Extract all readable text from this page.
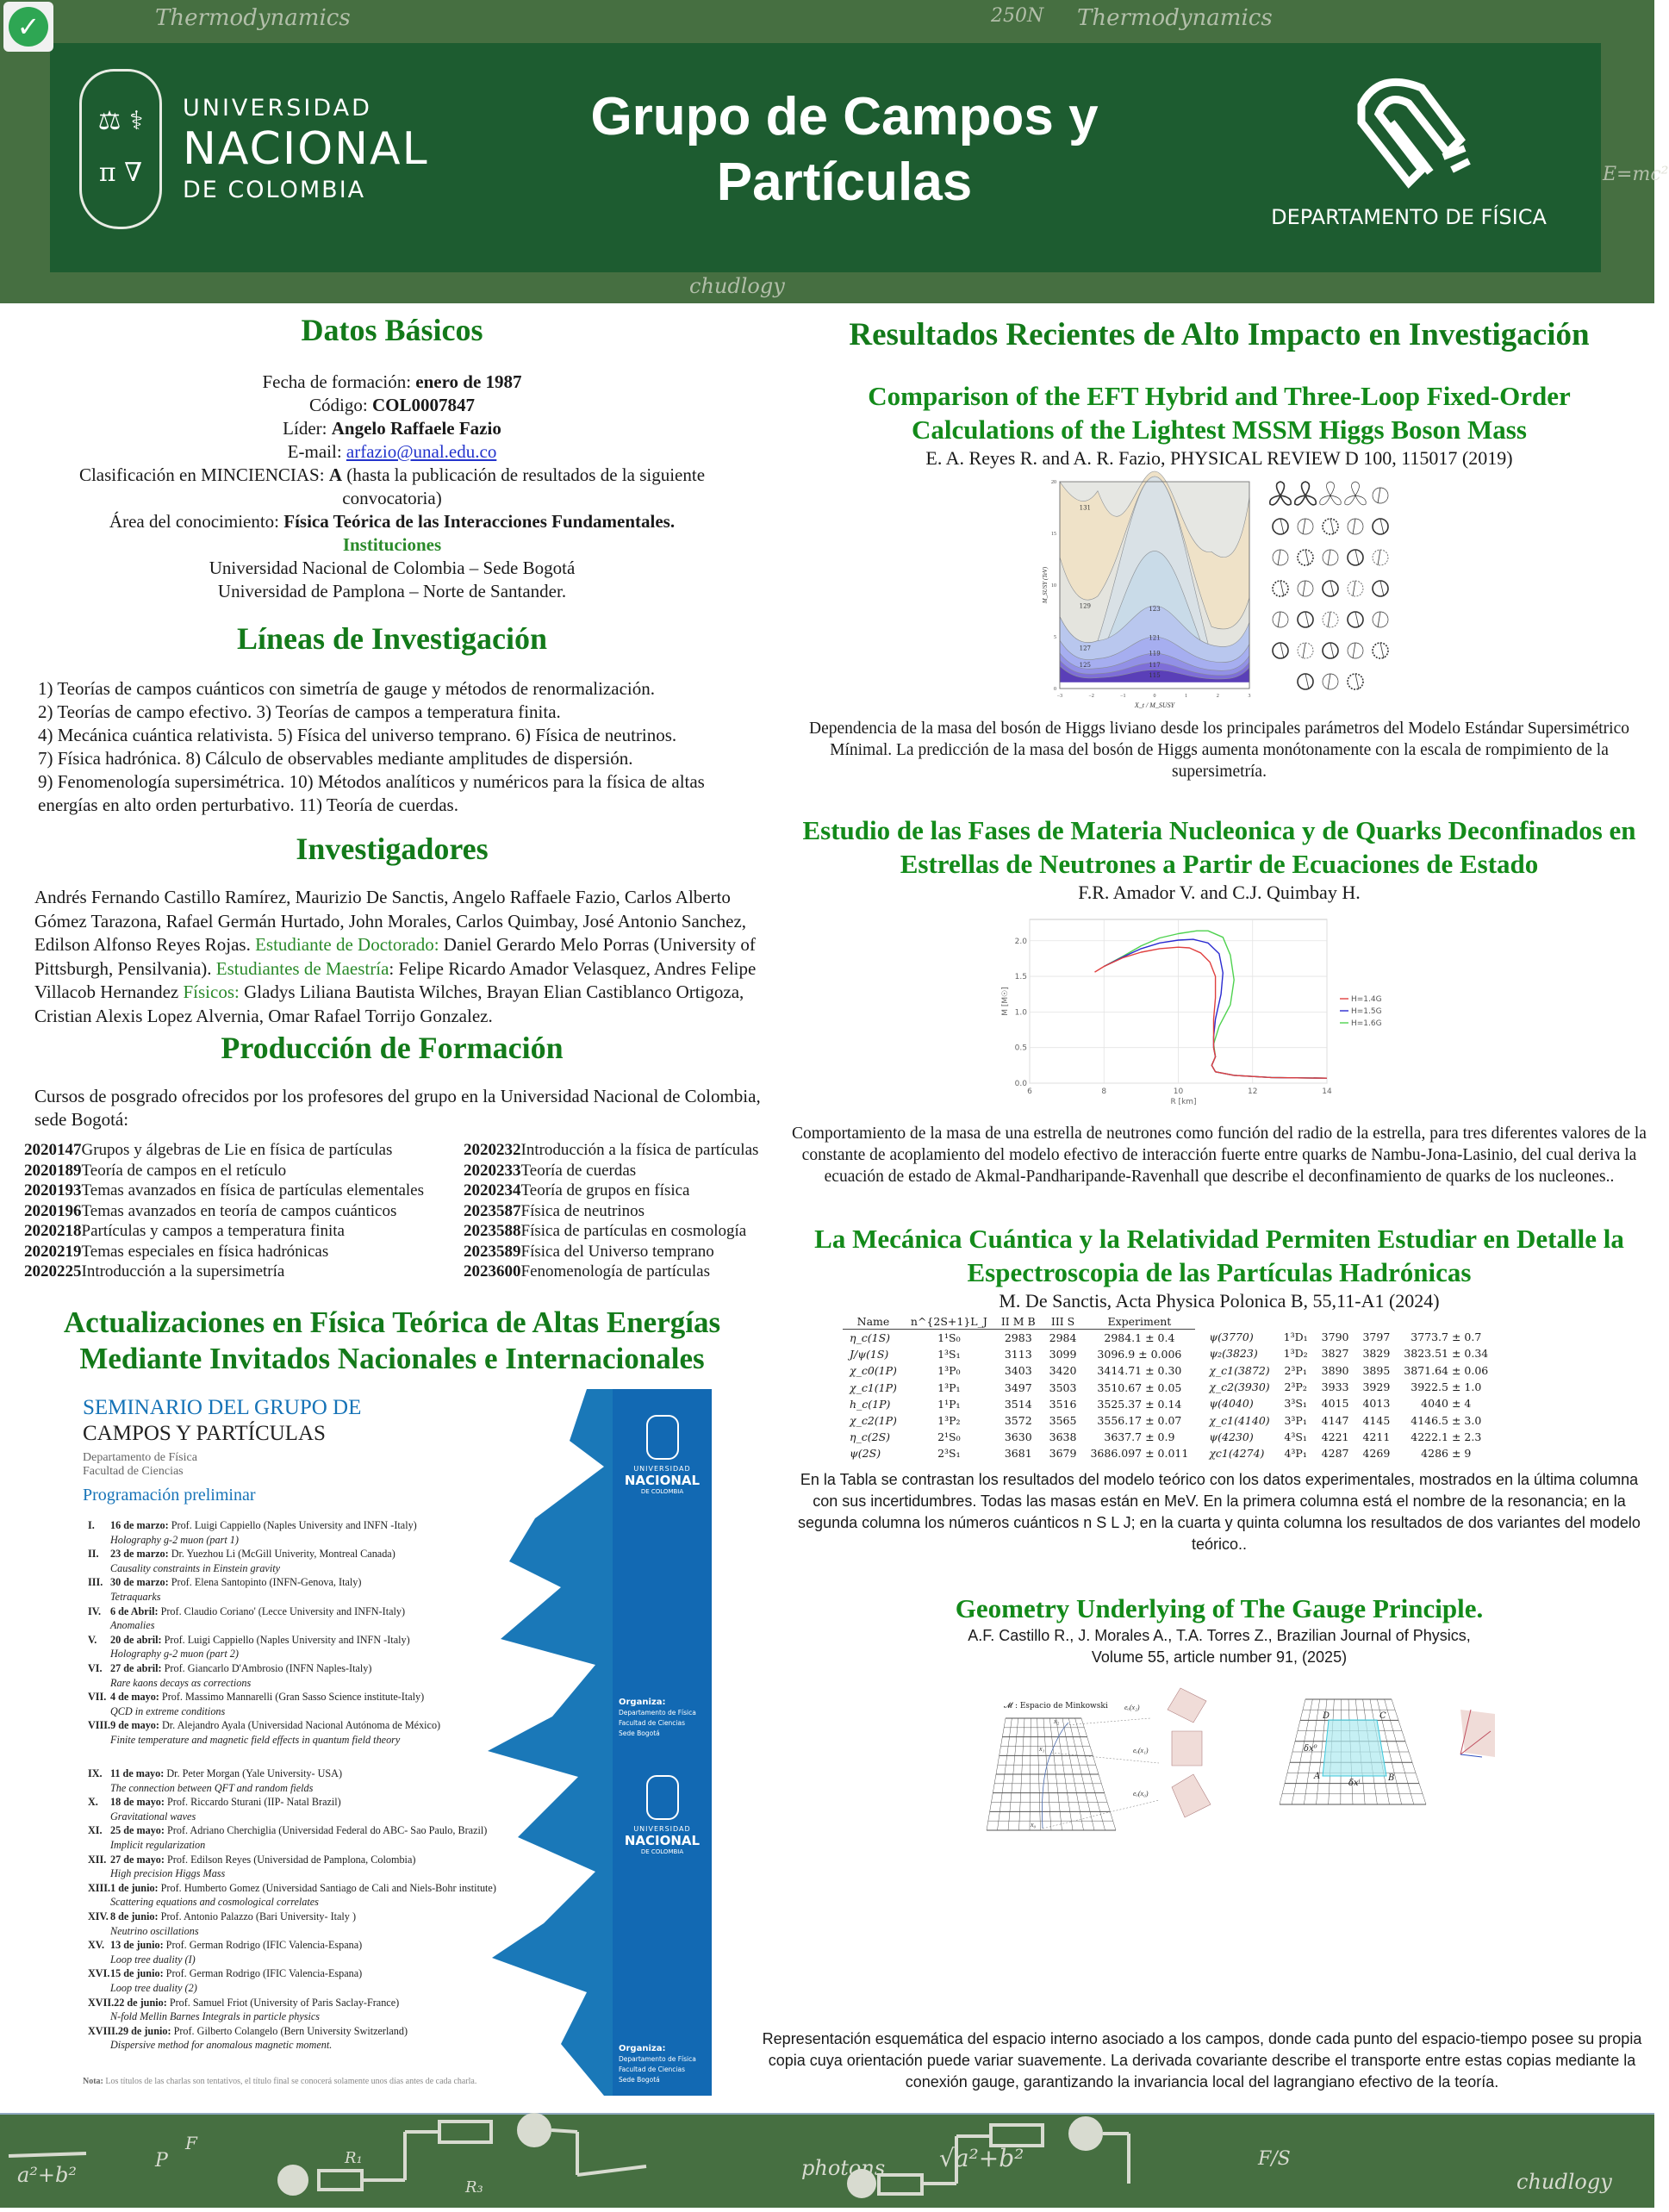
Thermodynamics	250N Thermodynamics
chudlogy
E=mc²
✓
⚖ ⚕
π ∇
UNIVERSIDAD
NACIONAL
DE COLOMBIA
Grupo de Campos y
Partículas
DEPARTAMENTO DE FÍSICA
Datos Básicos
Fecha de formación: enero de 1987
Código: COL0007847
Líder: Angelo Raffaele Fazio
E-mail: arfazio@unal.edu.co
Clasificación en MINCIENCIAS: A (hasta la publicación de resultados de la siguiente convocatoria)
Área del conocimiento: Física Teórica de las Interacciones Fundamentales.
Instituciones
Universidad Nacional de Colombia – Sede Bogotá
Universidad de Pamplona – Norte de Santander.
Líneas de Investigación
1) Teorías de campos cuánticos con simetría de gauge y métodos de renormalización.
2) Teorías de campo efectivo. 3) Teorías de campos a temperatura finita.
4) Mecánica cuántica relativista. 5) Física del universo temprano. 6) Física de neutrinos.
7) Física hadrónica. 8) Cálculo de observables mediante amplitudes de dispersión.
9) Fenomenología supersimétrica. 10) Métodos analíticos y numéricos para la física de altas energías en alto orden perturbativo. 11) Teoría de cuerdas.
Investigadores
Andrés Fernando Castillo Ramírez, Maurizio De Sanctis, Angelo Raffaele Fazio, Carlos Alberto Gómez Tarazona, Rafael Germán Hurtado, John Morales, Carlos Quimbay, José Antonio Sanchez, Edilson Alfonso Reyes Rojas. Estudiante de Doctorado: Daniel Gerardo Melo Porras (University of Pittsburgh, Pensilvania). Estudiantes de Maestría: Felipe Ricardo Amador Velasquez, Andres Felipe Villacob Hernandez Físicos: Gladys Liliana Bautista Wilches, Brayan Elian Castiblanco Ortigoza, Cristian Alexis Lopez Alvernia, Omar Rafael Torrijo Gonzalez.
Producción de Formación
Cursos de posgrado ofrecidos por los profesores del grupo en la Universidad Nacional de Colombia, sede Bogotá:
2020147Grupos y álgebras de Lie en física de partículas	2020232Introducción a la física de partículas
2020189Teoría de campos en el retículo	2020233Teoría de cuerdas
2020193Temas avanzados en física de partículas elementales	2020234Teoría de grupos en física
2020196Temas avanzados en teoría de campos cuánticos	2023587Física de neutrinos
2020218Partículas y campos a temperatura finita	2023588Física de partículas en cosmología
2020219Temas especiales en física hadrónicas	2023589Física del Universo temprano
2020225Introducción a la supersimetría	2023600Fenomenología de partículas
Actualizaciones en Física Teórica de Altas Energías
Mediante Invitados Nacionales e Internacionales
UNIVERSIDAD
NACIONAL
DE COLOMBIA
Organiza:
Departamento de Física
Facultad de Ciencias
Sede Bogotá
UNIVERSIDAD
NACIONAL
DE COLOMBIA
Organiza:
Departamento de Física
Facultad de Ciencias
Sede Bogotá
SEMINARIO DEL GRUPO DE
CAMPOS Y PARTÍCULAS
Departamento de Física
Facultad de Ciencias
Programación preliminar
I. 16 de marzo: Prof. Luigi Cappiello (Naples University and INFN -Italy)
Holography g-2 muon (part 1)
II. 23 de marzo: Dr. Yuezhou Li (McGill Univerity, Montreal Canada)
Causality constraints in Einstein gravity
III. 30 de marzo: Prof. Elena Santopinto (INFN-Genova, Italy)
Tetraquarks
IV. 6 de Abril: Prof. Claudio Coriano' (Lecce University and INFN-Italy)
Anomalies
V. 20 de abril: Prof. Luigi Cappiello (Naples University and INFN -Italy)
Holography g-2 muon (part 2)
VI. 27 de abril: Prof. Giancarlo D'Ambrosio (INFN Naples-Italy)
Rare kaons decays αs corrections
VII. 4 de mayo: Prof. Massimo Mannarelli (Gran Sasso Science institute-Italy)
QCD in extreme conditions
VIII.9 de mayo: Dr. Alejandro Ayala (Universidad Nacional Autónoma de México)
Finite temperature and magnetic field effects in quantum field theory
IX. 11 de mayo: Dr. Peter Morgan (Yale University- USA)
The connection between QFT and random fields
X. 18 de mayo: Prof. Riccardo Sturani (IIP- Natal Brazil)
Gravitational waves
XI. 25 de mayo: Prof. Adriano Cherchiglia (Universidad Federal do ABC- Sao Paulo, Brazil)
Implicit regularization
XII. 27 de mayo: Prof. Edilson Reyes (Universidad de Pamplona, Colombia)
High precision Higgs Mass
XIII.1 de junio: Prof. Humberto Gomez (Universidad Santiago de Cali and Niels-Bohr institute)
Scattering equations and cosmological correlates
XIV. 8 de junio: Prof. Antonio Palazzo (Bari University- Italy )
Neutrino oscillations
XV. 13 de junio: Prof. German Rodrigo (IFIC Valencia-Espana)
Loop tree duality (I)
XVI.15 de junio: Prof. German Rodrigo (IFIC Valencia-Espana)
Loop tree duality (2)
XVII.22 de junio: Prof. Samuel Friot (University of Paris Saclay-France)
N-fold Mellin Barnes Integrals in particle physics
XVIII.29 de junio: Prof. Gilberto Colangelo (Bern University Switzerland)
Dispersive method for anomalous magnetic moment.
Nota: Los títulos de las charlas son tentativos, el título final se conocerá solamente unos días antes de cada charla.
Resultados Recientes de Alto Impacto en Investigación
Comparison of the EFT Hybrid and Three-Loop Fixed-Order Calculations of the Lightest MSSM Higgs Boson Mass
E. A. Reyes R. and A. R. Fazio, PHYSICAL REVIEW D 100, 115017 (2019)
131
129
127
125
123
121
119
117
115
−3	−2	−1	0	1	2	3
0
5
10
15
20
X_t / M_SUSY
M_SUSY (TeV)
Dependencia de la masa del bosón de Higgs liviano desde los principales parámetros del Modelo Estándar Supersimétrico Mínimal. La predicción de la masa del bosón de Higgs aumenta monótonamente con la escala de rompimiento de la supersimetría.
Estudio de las Fases de Materia Nucleonica y de Quarks Deconfinados en Estrellas de Neutrones a Partir de Ecuaciones de Estado
F.R. Amador V. and C.J. Quimbay H.
6	8	10	12	14
0.0
0.5
1.0
1.5
2.0
R [km]
M [M☉]	H=1.4G
H=1.5G
H=1.6G
Comportamiento de la masa de una estrella de neutrones como función del radio de la estrella, para tres diferentes valores de la constante de acoplamiento del modelo efectivo de interacción fuerte entre quarks de Nambu-Jona-Lasinio, del cual deriva la ecuación de estado de Akmal-Pandharipande-Ravenhall que describe el deconfinamiento de quarks de los nucleones..
La Mecánica Cuántica y la Relatividad Permiten Estudiar en Detalle la Espectroscopia de las Partículas Hadrónicas
M. De Sanctis, Acta Physica Polonica B, 55,11-A1 (2024)
Name	n^{2S+1}L_J	II M B	III S	Experiment
η_c(1S)	1¹S₀	2983	2984	2984.1 ± 0.4
J/ψ(1S)	1³S₁	3113	3099	3096.9 ± 0.006
χ_c0(1P)	1³P₀	3403	3420	3414.71 ± 0.30
χ_c1(1P)	1³P₁	3497	3503	3510.67 ± 0.05
h_c(1P)	1¹P₁	3514	3516	3525.37 ± 0.14
χ_c2(1P)	1³P₂	3572	3565	3556.17 ± 0.07
η_c(2S)	2¹S₀	3630	3638	3637.7 ± 0.9
ψ(2S)	2³S₁	3681	3679	3686.097 ± 0.011
ψ(3770)	1³D₁	3790	3797	3773.7 ± 0.7
ψ₂(3823)	1³D₂	3827	3829	3823.51 ± 0.34
χ_c1(3872)	2³P₁	3890	3895	3871.64 ± 0.06
χ_c2(3930)	2³P₂	3933	3929	3922.5 ± 1.0
ψ(4040)	3³S₁	4015	4013	4040 ± 4
χ_c1(4140)	3³P₁	4147	4145	4146.5 ± 3.0
ψ(4230)	4³S₁	4221	4211	4222.1 ± 2.3
χc1(4274)	4³P₁	4287	4269	4286 ± 9
En la Tabla se contrastan los resultados del modelo teórico con los datos experimentales, mostrados en la última columna con sus incertidumbres. Todas las masas están en MeV. En la primera columna está el nombre de la resonancia; en la segunda columna los números cuánticos n S L J; en la cuarta y quinta columna los resultados de dos variantes del modelo teórico..
Geometry Underlying of The Gauge Principle.
A.F. Castillo R., J. Morales A., T.A. Torres Z., Brazilian Journal of Physics,
Volume 55, article number 91, (2025)
x₀
x₁
x₂
eₐ(x₂)
eₐ(x₁)
eₐ(x₀)
𝓜 : Espacio de Minkowski
D	C
A	B
δx⁰
δxⁱ
Representación esquemática del espacio interno asociado a los campos, donde cada punto del espacio-tiempo posee su propia copia cuya orientación puede variar suavemente. La derivada covariante describe el transporte entre estas copias mediante la conexión gauge, garantizando la invariancia local del lagrangiano efectivo de la teoría.
a²+b²
P
F
R₁
R₃
photons √a²+b²	F/S
chudlogy
